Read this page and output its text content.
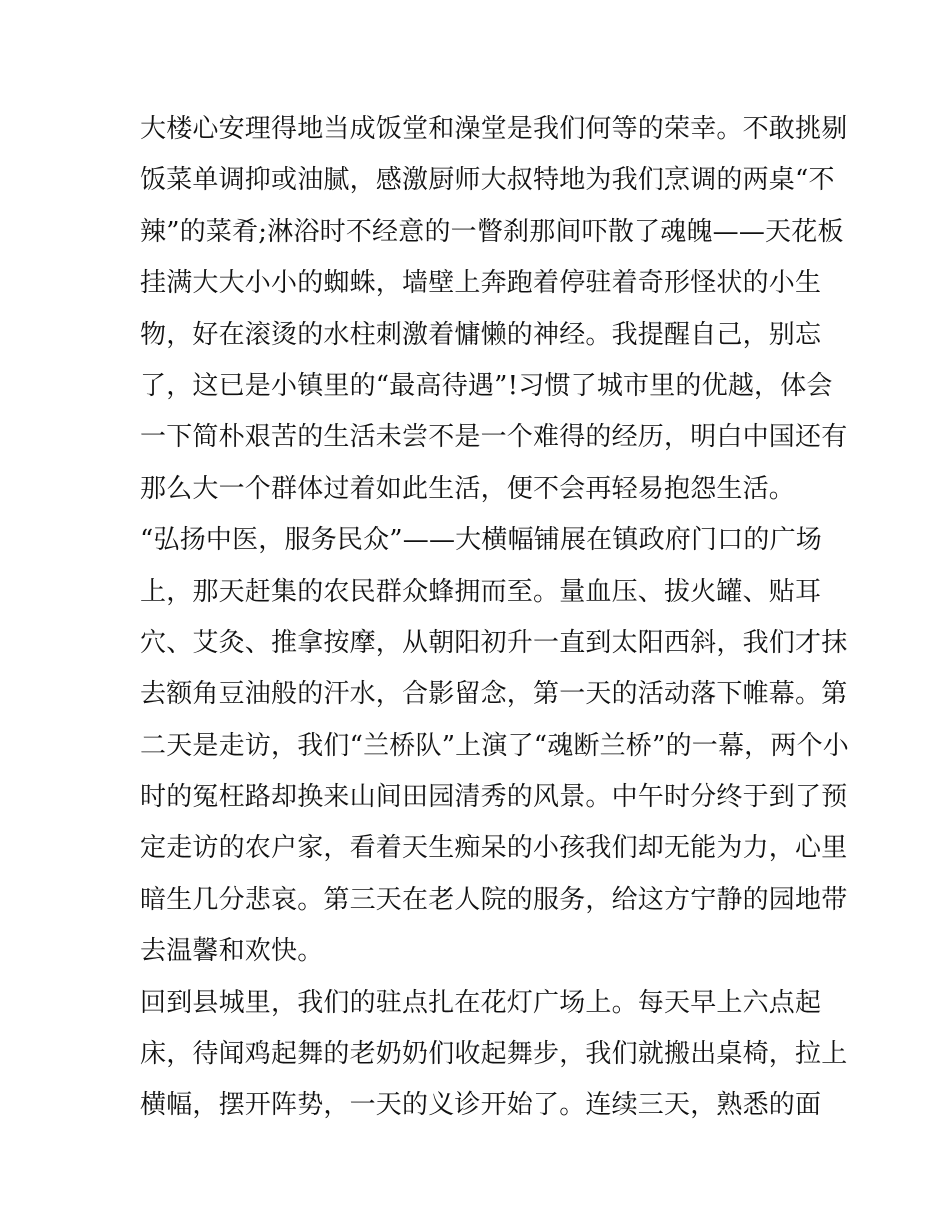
大楼心安理得地当成饭堂和澡堂是我们何等的荣幸。不敢挑剔
饭菜单调抑或油腻，感激厨师大叔特地为我们烹调的两桌“不
辣”的菜肴;淋浴时不经意的一瞥刹那间吓散了魂魄——天花板
挂满大大小小的蜘蛛，墙壁上奔跑着停驻着奇形怪状的小生
物，好在滚烫的水柱刺激着慵懒的神经。我提醒自己，别忘
了，这已是小镇里的“最高待遇”!习惯了城市里的优越，体会
一下简朴艰苦的生活未尝不是一个难得的经历，明白中国还有
那么大一个群体过着如此生活，便不会再轻易抱怨生活。
“弘扬中医，服务民众”——大横幅铺展在镇政府门口的广场
上，那天赶集的农民群众蜂拥而至。量血压、拔火罐、贴耳
穴、艾灸、推拿按摩，从朝阳初升一直到太阳西斜，我们才抹
去额角豆油般的汗水，合影留念，第一天的活动落下帷幕。第
二天是走访，我们“兰桥队”上演了“魂断兰桥”的一幕，两个小
时的冤枉路却换来山间田园清秀的风景。中午时分终于到了预
定走访的农户家，看着天生痴呆的小孩我们却无能为力，心里
暗生几分悲哀。第三天在老人院的服务，给这方宁静的园地带
去温馨和欢快。
回到县城里，我们的驻点扎在花灯广场上。每天早上六点起
床，待闻鸡起舞的老奶奶们收起舞步，我们就搬出桌椅，拉上
横幅，摆开阵势，一天的义诊开始了。连续三天，熟悉的面
